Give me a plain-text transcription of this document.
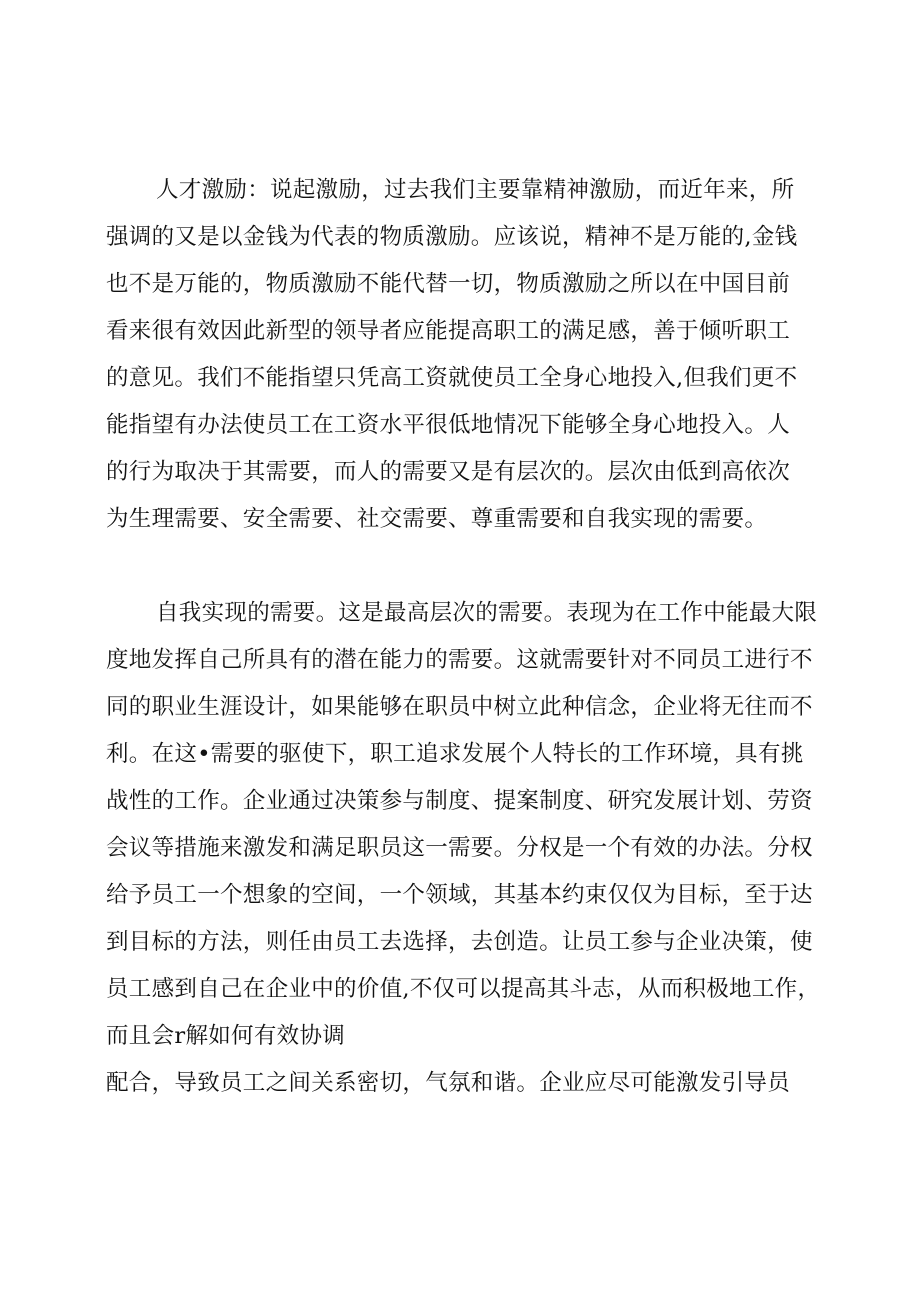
人才激励：说起激励，过去我们主要靠精神激励，而近年来，所
强调的又是以金钱为代表的物质激励。应该说，精神不是万能的,金钱
也不是万能的，物质激励不能代替一切，物质激励之所以在中国目前
看来很有效因此新型的领导者应能提高职工的满足感，善于倾听职工
的意见。我们不能指望只凭高工资就使员工全身心地投入,但我们更不
能指望有办法使员工在工资水平很低地情况下能够全身心地投入。人
的行为取决于其需要，而人的需要又是有层次的。层次由低到高依次
为生理需要、安全需要、社交需要、尊重需要和自我实现的需要。
自我实现的需要。这是最高层次的需要。表现为在工作中能最大限
度地发挥自己所具有的潜在能力的需要。这就需要针对不同员工进行不
同的职业生涯设计，如果能够在职员中树立此种信念，企业将无往而不
利。在这•需要的驱使下，职工追求发展个人特长的工作环境，具有挑
战性的工作。企业通过决策参与制度、提案制度、研究发展计划、劳资
会议等措施来激发和满足职员这一需要。分权是一个有效的办法。分权
给予员工一个想象的空间，一个领域，其基本约束仅仅为目标，至于达
到目标的方法，则任由员工去选择，去创造。让员工参与企业决策，使
员工感到自己在企业中的价值,不仅可以提高其斗志，从而积极地工作，
而且会r解如何有效协调
配合，导致员工之间关系密切，气氛和谐。企业应尽可能激发引导员
